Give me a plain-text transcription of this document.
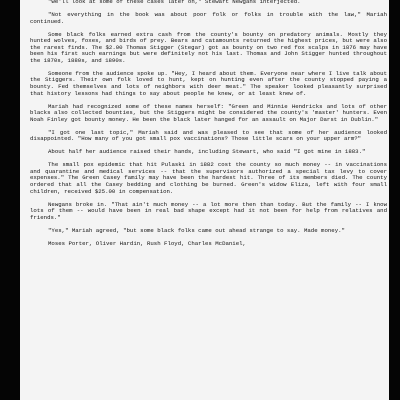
"We'll look at some of these cases later on," Stewart Newgans interjected.

"Not everything in the book was about poor folk or folks in trouble with the law," Mariah continued.

Some black folks earned extra cash from the county's bounty on predatory animals. Mostly they hunted wolves, foxes, and birds of prey. Bears and catamounts returned the highest prices, but were also the rarest finds. The $2.00 Thomas Stigger (Stegar) got as bounty on two red fox scalps in 1876 may have been his first such earnings but were definitely not his last. Thomas and John Stigger hunted throughout the 1870s, 1880s, and 1890s.

Someone from the audience spoke up. "Hey, I heard about them. Everyone near where I live talk about the Stiggers. Their own folk loved to hunt, kept on hunting even after the county stopped paying a bounty. Fed themselves and lots of neighbors with deer meat." The speaker looked pleasantly surprised that history lessons had things to say about people he knew, or at least knew of.

Mariah had recognized some of these names herself: "Green and Minnie Hendricks and lots of other blacks also collected bounties, but the Stiggers might be considered the county's 'master' hunters. Even Noah Finley got bounty money. He been the black later hanged for an assault on Major Darst in Dublin."

"I got one last topic," Mariah said and was pleased to see that some of her audience looked disappointed. "How many of you got small pox vaccinations? Those little scars on your upper arm?"

About half her audience raised their hands, including Stewart, who said "I got mine in 1883."

The small pox epidemic that hit Pulaski in 1882 cost the county so much money -- in vaccinations and quarantine and medical services -- that the supervisors authorized a special tax levy to cover expenses." The Green Casey family may have been the hardest hit. Three of its members died. The county ordered that all the Casey bedding and clothing be burned. Green's widow Eliza, left with four small children, received $25.00 in compensation.

Newgans broke in. "That ain't much money -- a lot more then than today. But the family -- I know lots of them -- would have been in real bad shape except had it not been for help from relatives and friends."

"Yes," Mariah agreed, "but some black folks came out ahead strange to say. Made money."

Moses Porter, Oliver Hardin, Rush Floyd, Charles McDaniel,
